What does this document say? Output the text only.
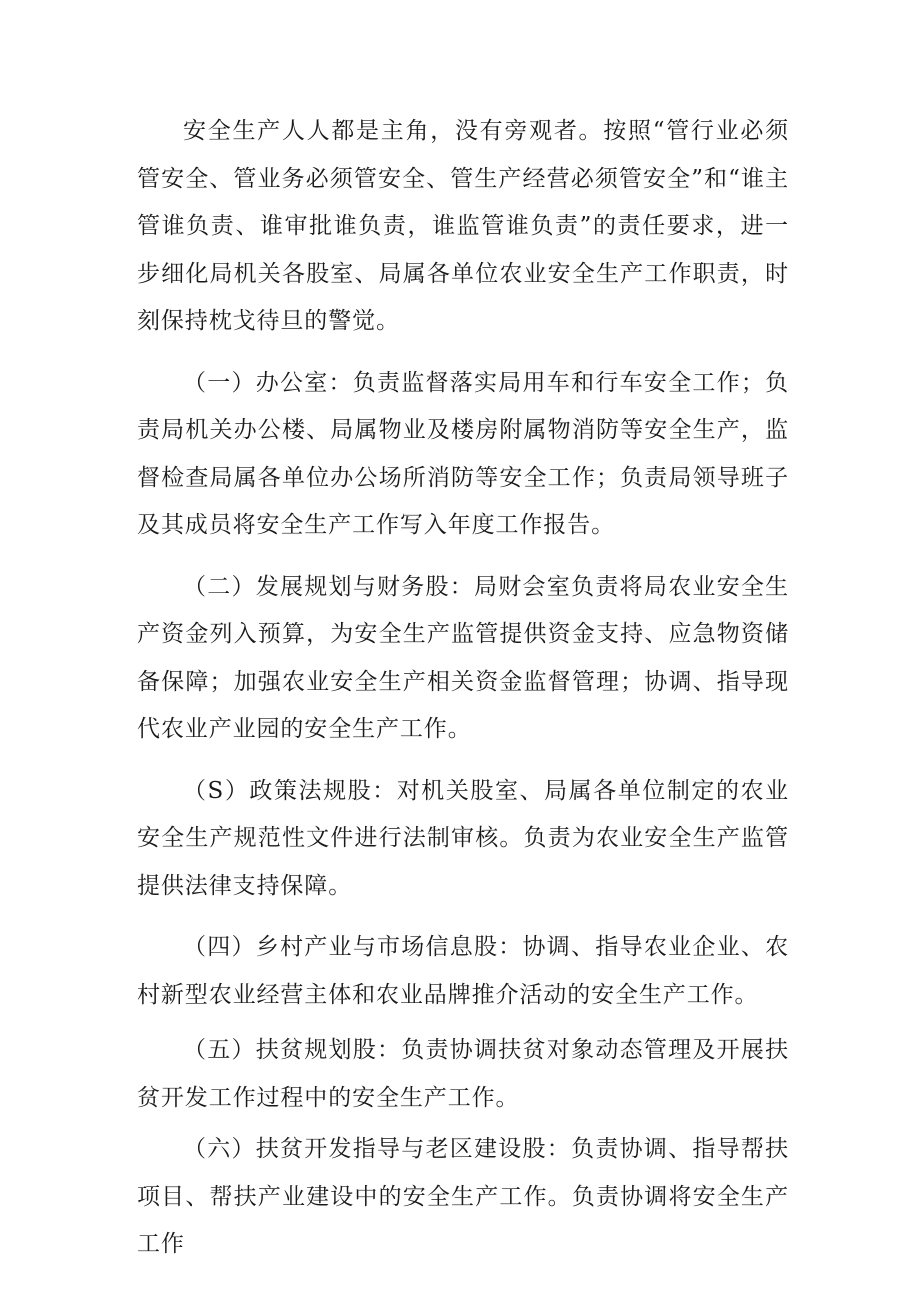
安全生产人人都是主角，没有旁观者。按照“管行业必须管安全、管业务必须管安全、管生产经营必须管安全”和“谁主管谁负责、谁审批谁负责，谁监管谁负责”的责任要求，进一步细化局机关各股室、局属各单位农业安全生产工作职责，时刻保持枕戈待旦的警觉。

（一）办公室：负责监督落实局用车和行车安全工作；负责局机关办公楼、局属物业及楼房附属物消防等安全生产，监督检查局属各单位办公场所消防等安全工作；负责局领导班子及其成员将安全生产工作写入年度工作报告。

（二）发展规划与财务股：局财会室负责将局农业安全生产资金列入预算，为安全生产监管提供资金支持、应急物资储备保障；加强农业安全生产相关资金监督管理；协调、指导现代农业产业园的安全生产工作。

（S）政策法规股：对机关股室、局属各单位制定的农业安全生产规范性文件进行法制审核。负责为农业安全生产监管提供法律支持保障。

（四）乡村产业与市场信息股：协调、指导农业企业、农村新型农业经营主体和农业品牌推介活动的安全生产工作。

（五）扶贫规划股：负责协调扶贫对象动态管理及开展扶贫开发工作过程中的安全生产工作。

（六）扶贫开发指导与老区建设股：负责协调、指导帮扶项目、帮扶产业建设中的安全生产工作。负责协调将安全生产工作
